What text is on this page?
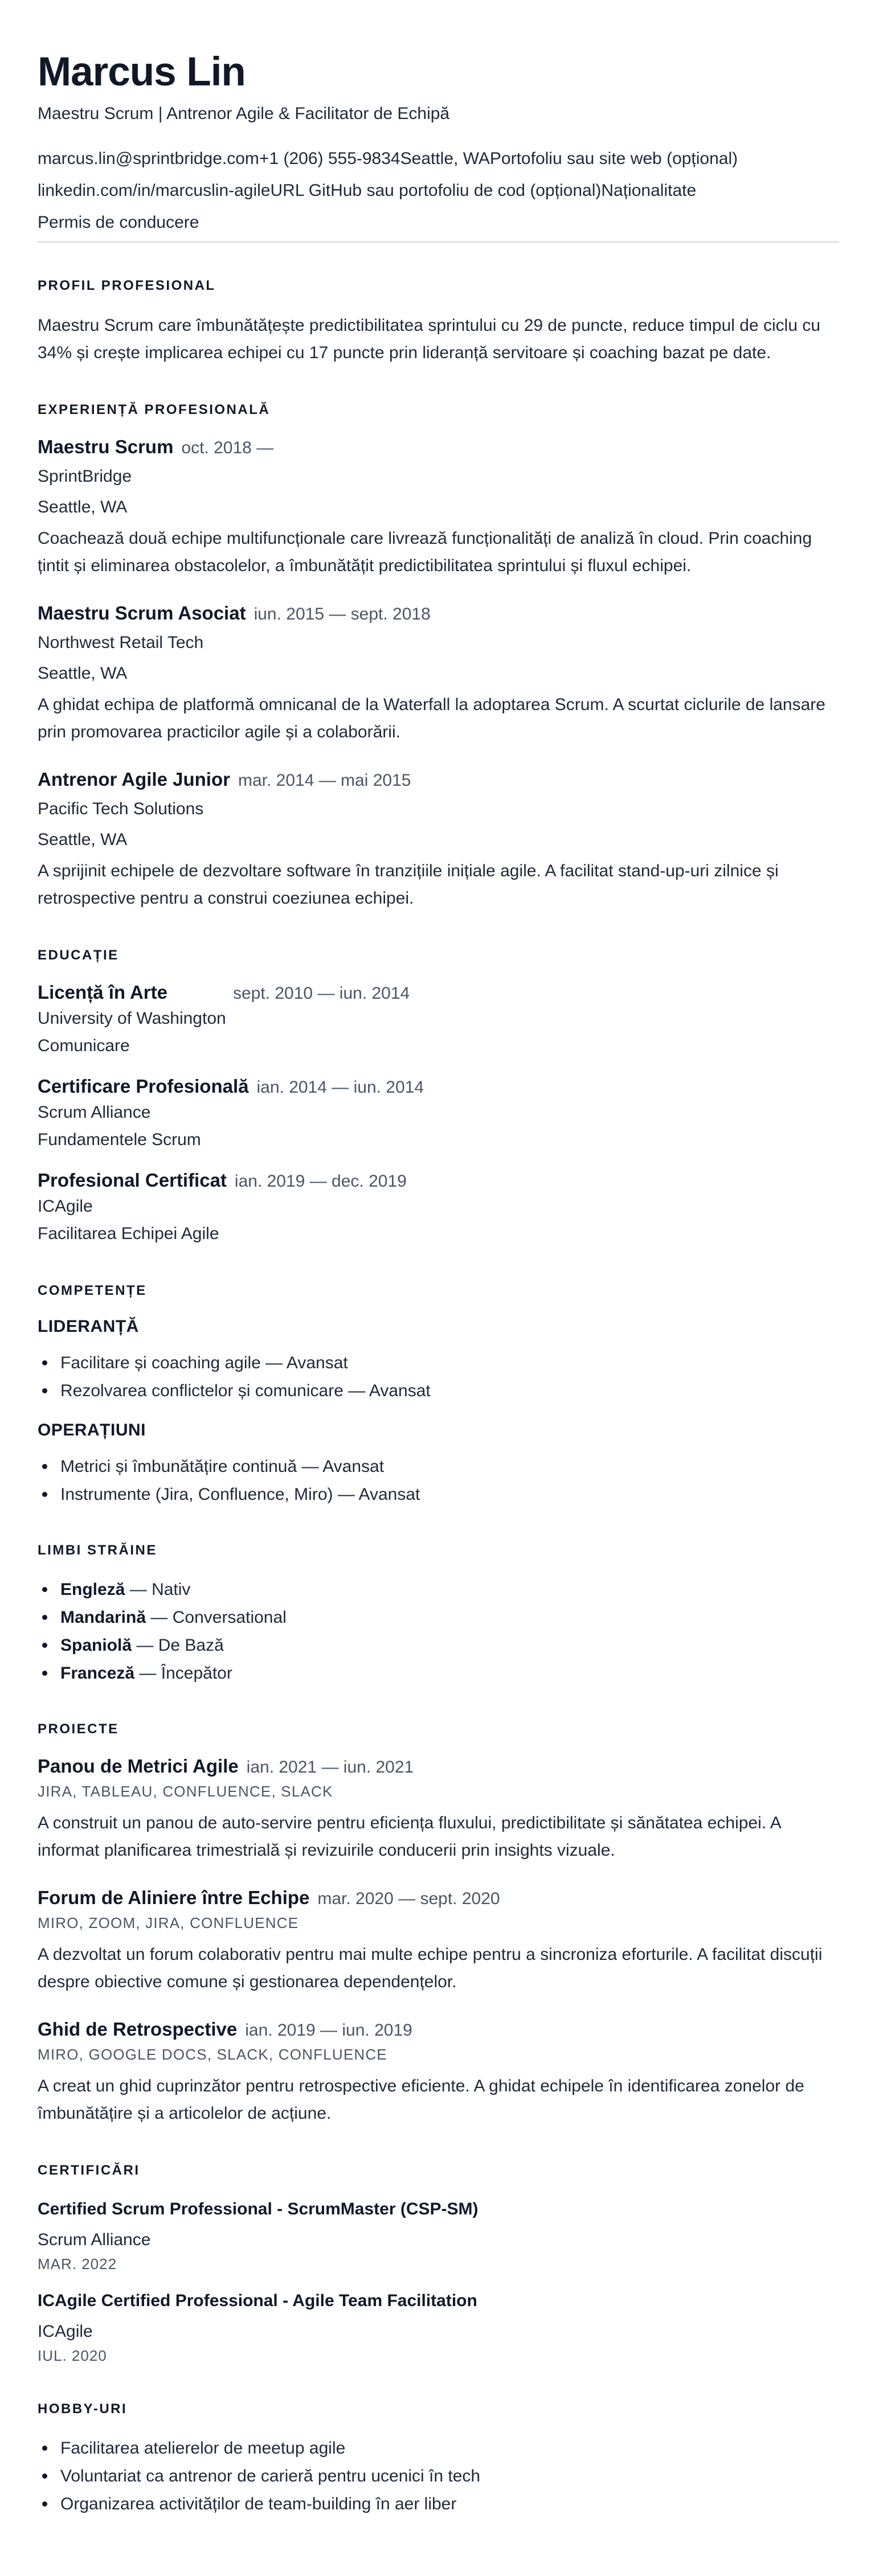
Marcus Lin
Maestru Scrum | Antrenor Agile & Facilitator de Echipă
marcus.lin@sprintbridge.com+1 (206) 555-9834Seattle, WAPortofoliu sau site web (opțional)
linkedin.com/in/marcuslin-agileURL GitHub sau portofoliu de cod (opțional)Naționalitate
Permis de conducere
PROFIL PROFESIONAL

Maestru Scrum care îmbunătățește predictibilitatea sprintului cu 29 de puncte, reduce timpul de ciclu cu 34% și crește implicarea echipei cu 17 puncte prin lideranță servitoare și coaching bazat pe date.

EXPERIENȚĂ PROFESIONALĂ
Maestru Scrum oct. 2018 —
SprintBridge
Seattle, WA

Coachează două echipe multifuncționale care livrează funcționalități de analiză în cloud. Prin coaching țintit și eliminarea obstacolelor, a îmbunătățit predictibilitatea sprintului și fluxul echipei.

Maestru Scrum Asociat iun. 2015 — sept. 2018
Northwest Retail Tech
Seattle, WA

A ghidat echipa de platformă omnicanal de la Waterfall la adoptarea Scrum. A scurtat ciclurile de lansare prin promovarea practicilor agile și a colaborării.

Antrenor Agile Junior mar. 2014 — mai 2015
Pacific Tech Solutions
Seattle, WA

A sprijinit echipele de dezvoltare software în tranzițiile inițiale agile. A facilitat stand-up-uri zilnice și retrospective pentru a construi coeziunea echipei.

EDUCAȚIE
Licență în Arte	sept. 2010 — iun. 2014
University of Washington
Comunicare
Certificare Profesională ian. 2014 — iun. 2014
Scrum Alliance
Fundamentele Scrum
Profesional Certificat ian. 2019 — dec. 2019
ICAgile
Facilitarea Echipei Agile
COMPETENȚE
LIDERANȚĂ
Facilitare și coaching agile — Avansat
Rezolvarea conflictelor și comunicare — Avansat
OPERAȚIUNI
Metrici și îmbunătățire continuă — Avansat
Instrumente (Jira, Confluence, Miro) — Avansat
LIMBI STRĂINE
Engleză — Nativ
Mandarină — Conversational
Spaniolă — De Bază
Franceză — Începător
PROIECTE
Panou de Metrici Agile ian. 2021 — iun. 2021
JIRA, TABLEAU, CONFLUENCE, SLACK

A construit un panou de auto-servire pentru eficiența fluxului, predictibilitate și sănătatea echipei. A informat planificarea trimestrială și revizuirile conducerii prin insights vizuale.

Forum de Aliniere între Echipe mar. 2020 — sept. 2020
MIRO, ZOOM, JIRA, CONFLUENCE

A dezvoltat un forum colaborativ pentru mai multe echipe pentru a sincroniza eforturile. A facilitat discuții despre obiective comune și gestionarea dependențelor.

Ghid de Retrospective ian. 2019 — iun. 2019
MIRO, GOOGLE DOCS, SLACK, CONFLUENCE

A creat un ghid cuprinzător pentru retrospective eficiente. A ghidat echipele în identificarea zonelor de îmbunătățire și a articolelor de acțiune.

CERTIFICĂRI
Certified Scrum Professional - ScrumMaster (CSP-SM)
Scrum Alliance
MAR. 2022
ICAgile Certified Professional - Agile Team Facilitation
ICAgile
IUL. 2020
HOBBY-URI
Facilitarea atelierelor de meetup agile
Voluntariat ca antrenor de carieră pentru ucenici în tech
Organizarea activităților de team-building în aer liber
